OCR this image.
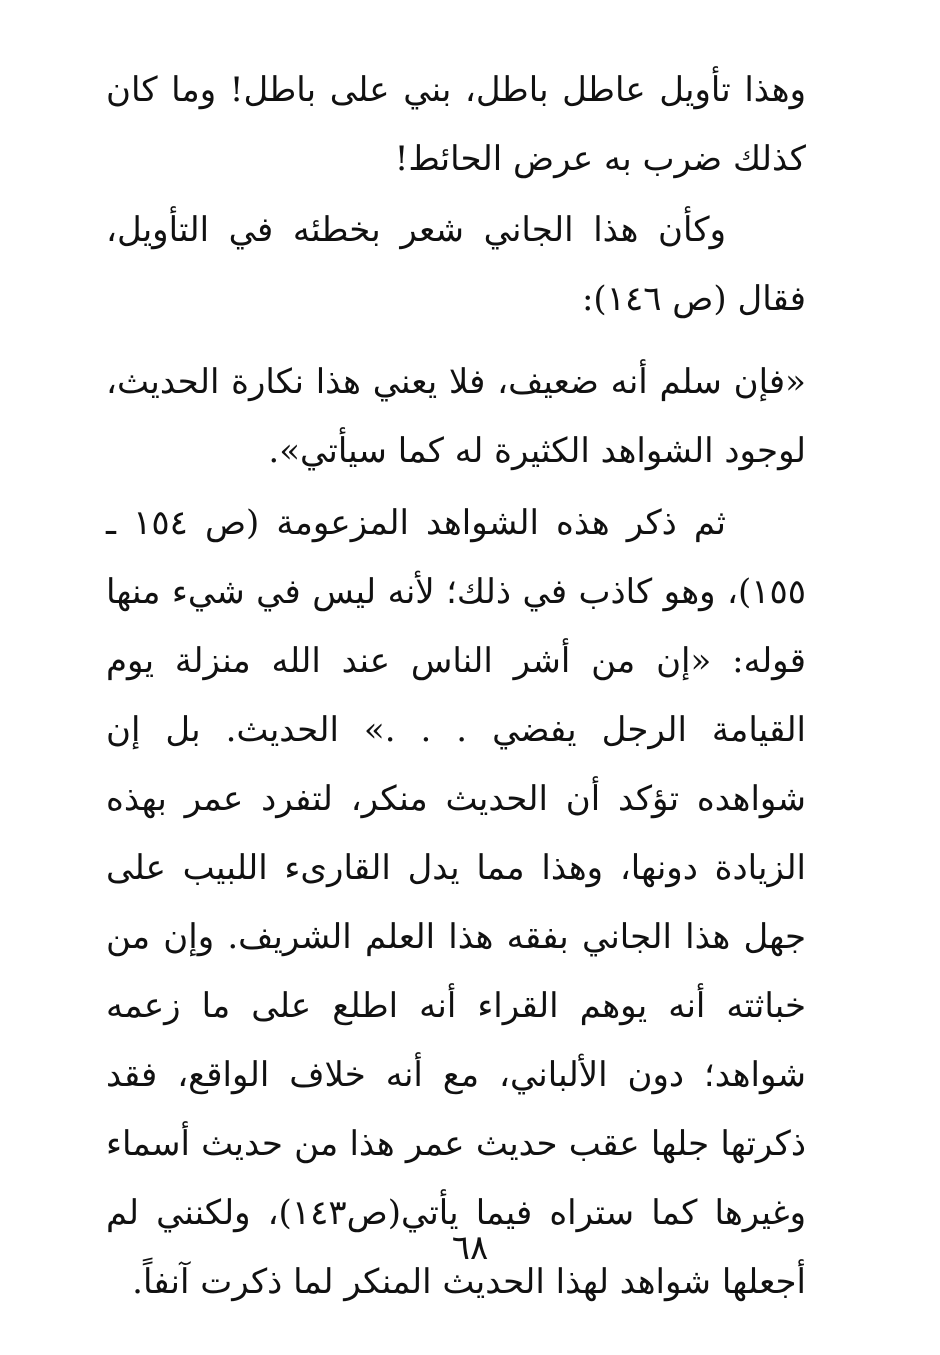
وهذا تأويل عاطل باطل، بني على باطل! وما كان كذلك ضرب به عرض الحائط!

وكأن هذا الجاني شعر بخطئه في التأويل، فقال (ص ١٤٦):

«فإن سلم أنه ضعيف، فلا يعني هذا نكارة الحديث، لوجود الشواهد الكثيرة له كما سيأتي».

ثم ذكر هذه الشواهد المزعومة (ص ١٥٤ ـ ١٥٥)، وهو كاذب في ذلك؛ لأنه ليس في شيء منها قوله: «إن من أشر الناس عند الله منزلة يوم القيامة الرجل يفضي . . .» الحديث. بل إن شواهده تؤكد أن الحديث منكر، لتفرد عمر بهذه الزيادة دونها، وهذا مما يدل القارىء اللبيب على جهل هذا الجاني بفقه هذا العلم الشريف. وإن من خباثته أنه يوهم القراء أنه اطلع على ما زعمه شواهد؛ دون الألباني، مع أنه خلاف الواقع، فقد ذكرتها جلها عقب حديث عمر هذا من حديث أسماء وغيرها كما ستراه فيما يأتي(ص١٤٣)، ولكنني لم أجعلها شواهد لهذا الحديث المنكر لما ذكرت آنفاً.

٦٨
